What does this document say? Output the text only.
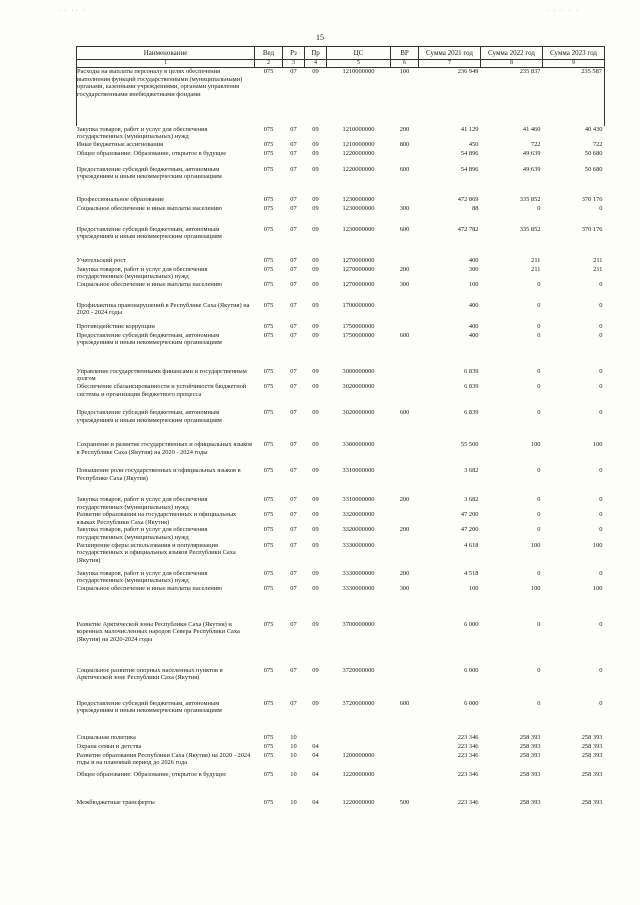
·· ·· ·	· · · · ·
15
Наименование	Вед	Рз	Пр	ЦС	ВР	Сумма 2021 год	Сумма 2022 год	Сумма 2023 год
1	2	3	4	5	6	7	8	9
Расходы на выплаты персоналу в целях обеспечения выполнения функций государственными (муниципальными) органами, казенными учреждениями, органами управления государственными внебюджетными фондами	075	07	09	1210000000	100	236 949	235 837	235 587
Закупка товаров, работ и услуг для обеспечения государственных (муниципальных) нужд	075	07	09	1210000000	200	41 129	41 460	40 430
Иные бюджетные ассигнования	075	07	09	1210000000	800	450	722	722
Общее образование: Образование, открытое в будущее	075	07	09	1220000000		54 896	49 639	50 680
Предоставление субсидий бюджетным, автономным учреждениям и иным некоммерческим организациям	075	07	09	1220000000	600	54 896	49 639	50 680
Профессиональное образование	075	07	09	1230000000		472 869	335 852	370 176
Социальное обеспечение и иные выплаты населению	075	07	09	1230000000	300	88	0	0
Предоставление субсидий бюджетным, автономным учреждениям и иным некоммерческим организациям	075	07	09	1230000000	600	472 782	335 852	370 176
Учительский рост	075	07	09	1270000000		400	211	211
Закупка товаров, работ и услуг для обеспечения государственных (муниципальных) нужд	075	07	09	1270000000	200	300	211	211
Социальное обеспечение и иные выплаты населению	075	07	09	1270000000	300	100	0	0
Профилактика правонарушений в Республике Саха (Якутия) на 2020 - 2024 годы	075	07	09	1700000000		400	0	0
Противодействие коррупции	075	07	09	1750000000		400	0	0
Предоставление субсидий бюджетным, автономным учреждениям и иным некоммерческим организациям	075	07	09	1750000000	600	400	0	0
Управление государственными финансами и государственным долгом	075	07	09	3000000000		6 839	0	0
Обеспечение сбалансированности и устойчивости бюджетной системы и организация бюджетного процесса	075	07	09	3020000000		6 839	0	0
Предоставление субсидий бюджетным, автономным учреждениям и иным некоммерческим организациям	075	07	09	3020000000	600	6 839	0	0
Сохранение и развитие государственных и официальных языков в Республике Саха (Якутия) на 2020 - 2024 годы	075	07	09	3300000000		55 500	100	100
Повышение роли государственных и официальных языков в Республике Саха (Якутия)	075	07	09	3310000000		3 682	0	0
Закупка товаров, работ и услуг для обеспечения государственных (муниципальных) нужд	075	07	09	3310000000	200	3 682	0	0
Развитие образования на государственных и официальных языках Республики Саха (Якутия)	075	07	09	3320000000		47 200	0	0
Закупка товаров, работ и услуг для обеспечения государственных (муниципальных) нужд	075	07	09	3320000000	200	47 200	0	0
Расширение сферы использования и популяризация государственных и официальных языков Республики Саха (Якутия)	075	07	09	3330000000		4 618	100	100
Закупка товаров, работ и услуг для обеспечения государственных (муниципальных) нужд	075	07	09	3330000000	200	4 518	0	0
Социальное обеспечение и иные выплаты населению	075	07	09	3330000000	300	100	100	100
Развитие Арктической зоны Республики Саха (Якутия) и коренных малочисленных народов Севера Республики Саха (Якутия) на 2020-2024 годы	075	07	09	3700000000		6 000	0	0
Социальное развитие опорных населенных пунктов в Арктической зоне Республики Саха (Якутия)	075	07	09	3720000000		6 000	0	0
Предоставление субсидий бюджетным, автономным учреждениям и иным некоммерческим организациям	075	07	09	3720000000	600	6 000	0	0
Социальная политика	075	10				223 346	258 393	258 393
Охрана семьи и детства	075	10	04			223 346	258 393	258 393
Развитие образования Республики Саха (Якутия) на 2020 - 2024 годы и на плановый период до 2026 года	075	10	04	1200000000		223 346	258 393	258 393
Общее образование: Образование, открытое в будущее	075	10	04	1220000000		223 346	258 393	258 393
Межбюджетные трансферты	075	10	04	1220000000	500	223 346	258 393	258 393
